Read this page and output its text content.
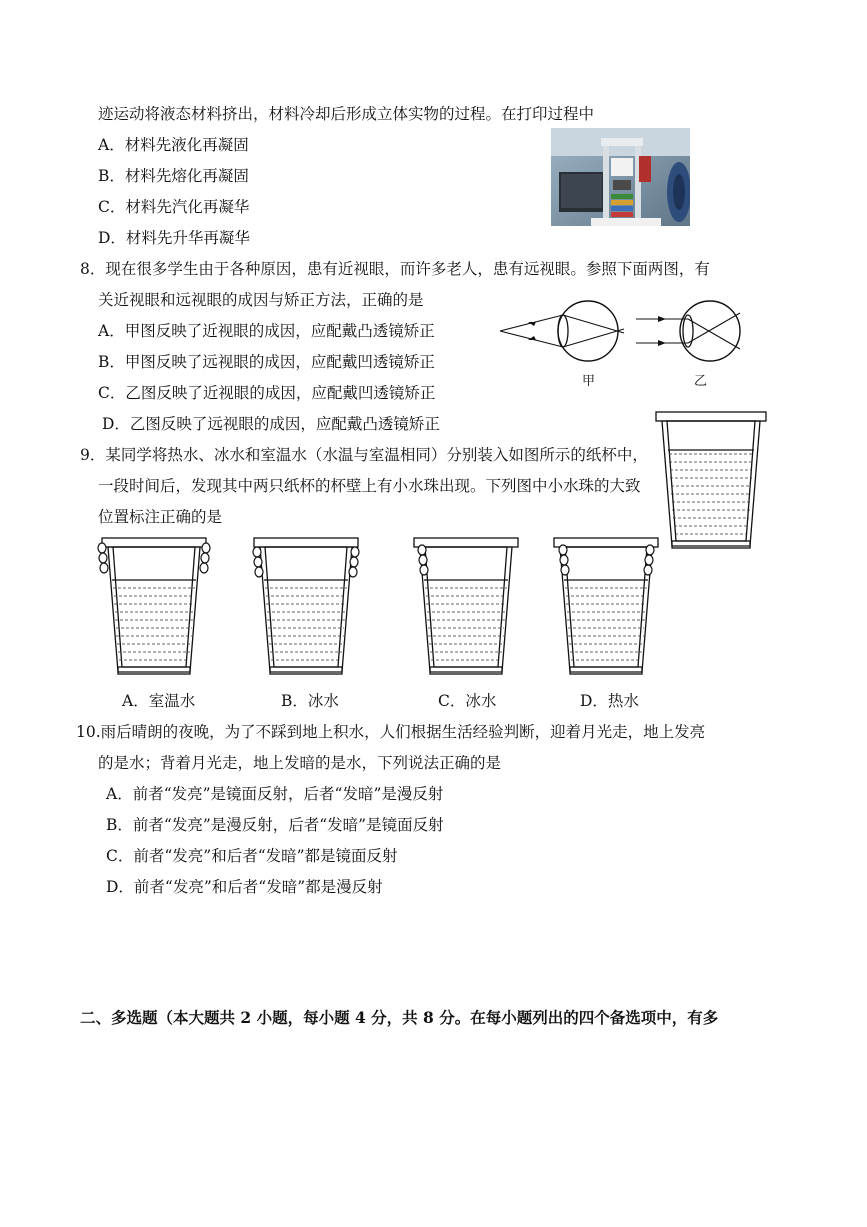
迹运动将液态材料挤出，材料冷却后形成立体实物的过程。在打印过程中
A．材料先液化再凝固
B．材料先熔化再凝固
C．材料先汽化再凝华
D．材料先升华再凝华
8．现在很多学生由于各种原因，患有近视眼，而许多老人，患有远视眼。参照下面两图，有
关近视眼和远视眼的成因与矫正方法，正确的是
A．甲图反映了近视眼的成因，应配戴凸透镜矫正
B．甲图反映了远视眼的成因，应配戴凹透镜矫正
C．乙图反映了近视眼的成因，应配戴凹透镜矫正
D．乙图反映了远视眼的成因，应配戴凸透镜矫正
甲	乙
9．某同学将热水、冰水和室温水（水温与室温相同）分别装入如图所示的纸杯中，
一段时间后，发现其中两只纸杯的杯壁上有小水珠出现。下列图中小水珠的大致
位置标注正确的是
A．室温水	B．冰水	C．冰水	D．热水
10.雨后晴朗的夜晚，为了不踩到地上积水，人们根据生活经验判断，迎着月光走，地上发亮
的是水；背着月光走，地上发暗的是水，下列说法正确的是
A．前者“发亮”是镜面反射，后者“发暗”是漫反射
B．前者“发亮”是漫反射，后者“发暗”是镜面反射
C．前者“发亮”和后者“发暗”都是镜面反射
D．前者“发亮”和后者“发暗”都是漫反射
二、多选题（本大题共 2 小题，每小题 4 分，共 8 分。在每小题列出的四个备选项中，有多
